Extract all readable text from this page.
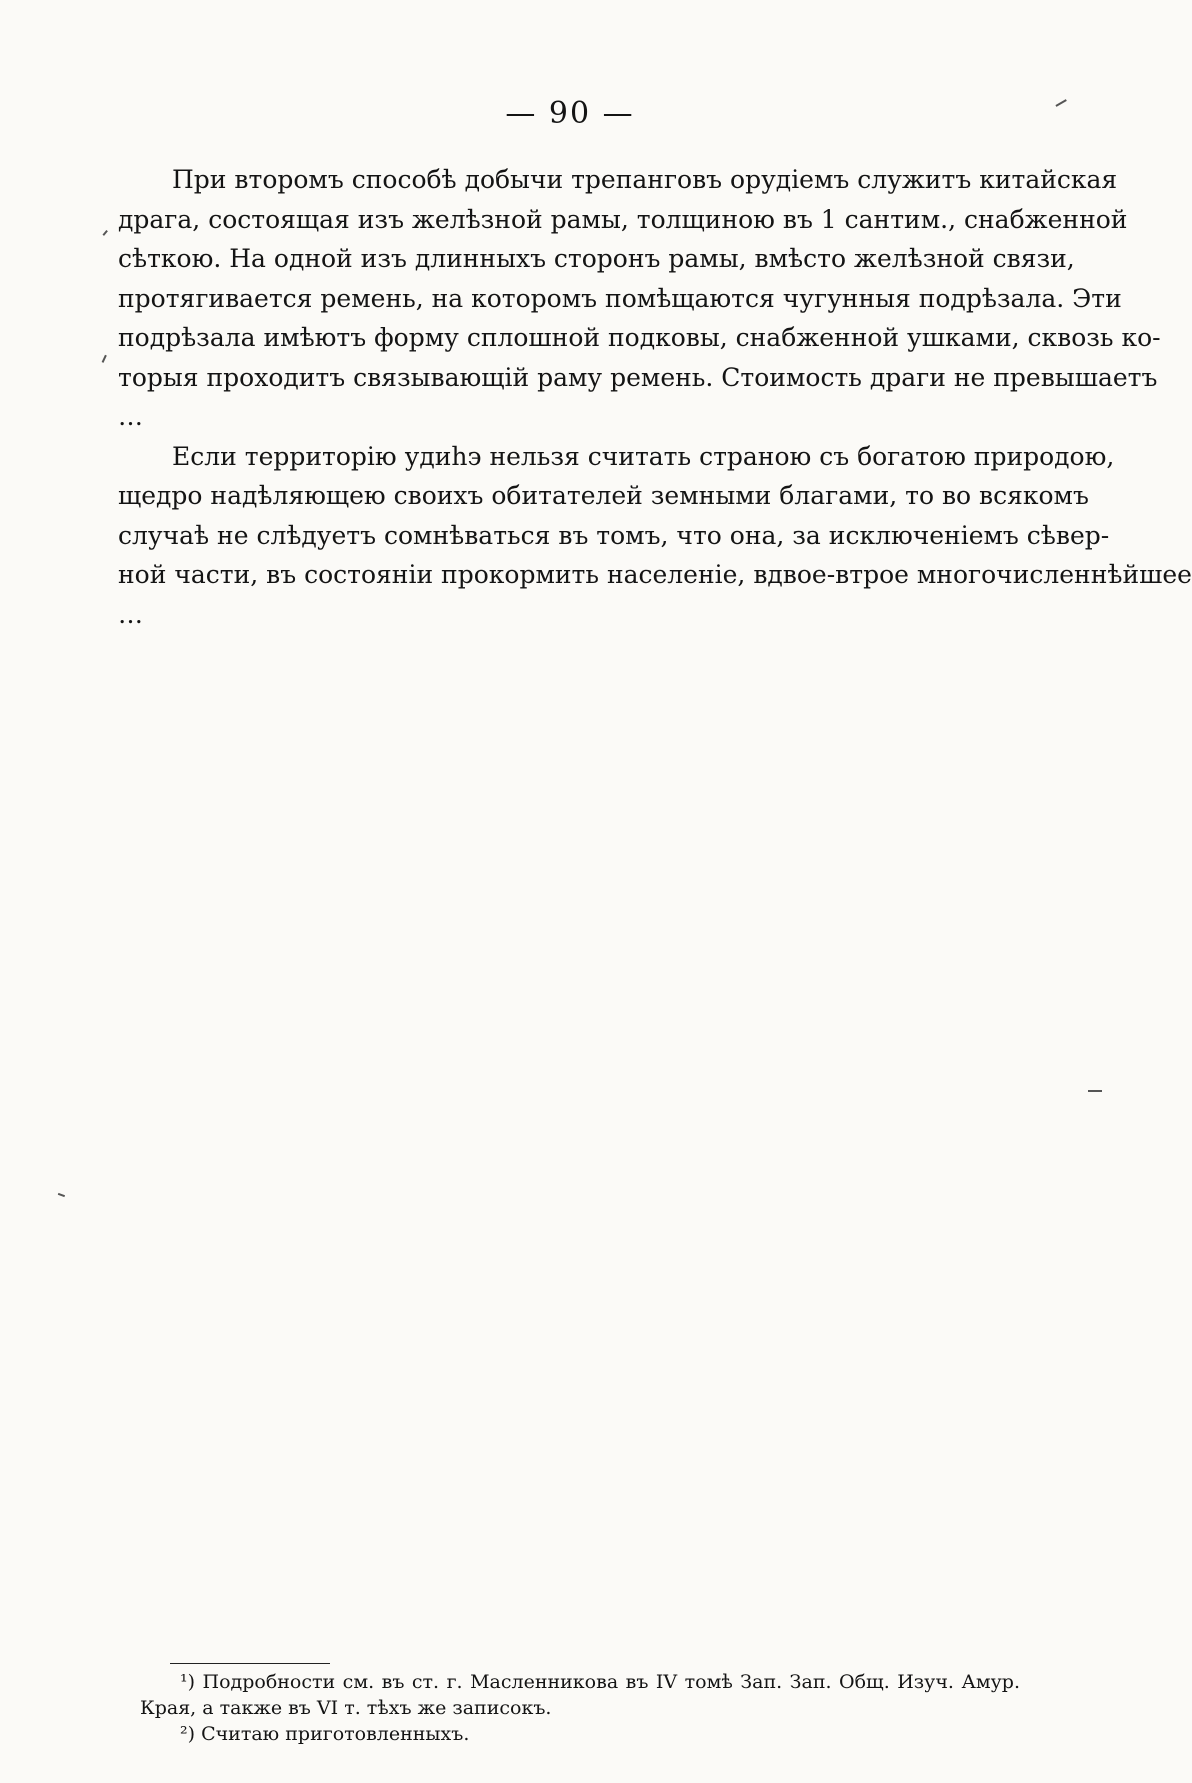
— 90 —
При второмъ способѣ добычи трепанговъ орудіемъ служитъ китайская
драга, состоящая изъ желѣзной рамы, толщиною въ 1 сантим., снабженной
сѣткою. На одной изъ длинныхъ сторонъ рамы, вмѣсто желѣзной связи,
протягивается ремень, на которомъ помѣщаются чугунныя подрѣзала. Эти
подрѣзала имѣютъ форму сплошной подковы, снабженной ушками, сквозь ко-
торыя проходитъ связывающій раму ремень. Стоимость драги не превышаетъ
…
Если территорію удиһэ нельзя считать страною съ богатою природою,
щедро надѣляющею своихъ обитателей земными благами, то во всякомъ
случаѣ не слѣдуетъ сомнѣваться въ томъ, что она, за исключеніемъ сѣвер-
ной части, въ состояніи прокормить населеніе, вдвое-втрое многочисленнѣйшее
…
¹) Подробности см. въ ст. г. Масленникова въ IV томѣ Зап. Зап. Общ. Изуч. Амур.
Края, а также въ VI т. тѣхъ же записокъ.
²) Считаю приготовленныхъ.
